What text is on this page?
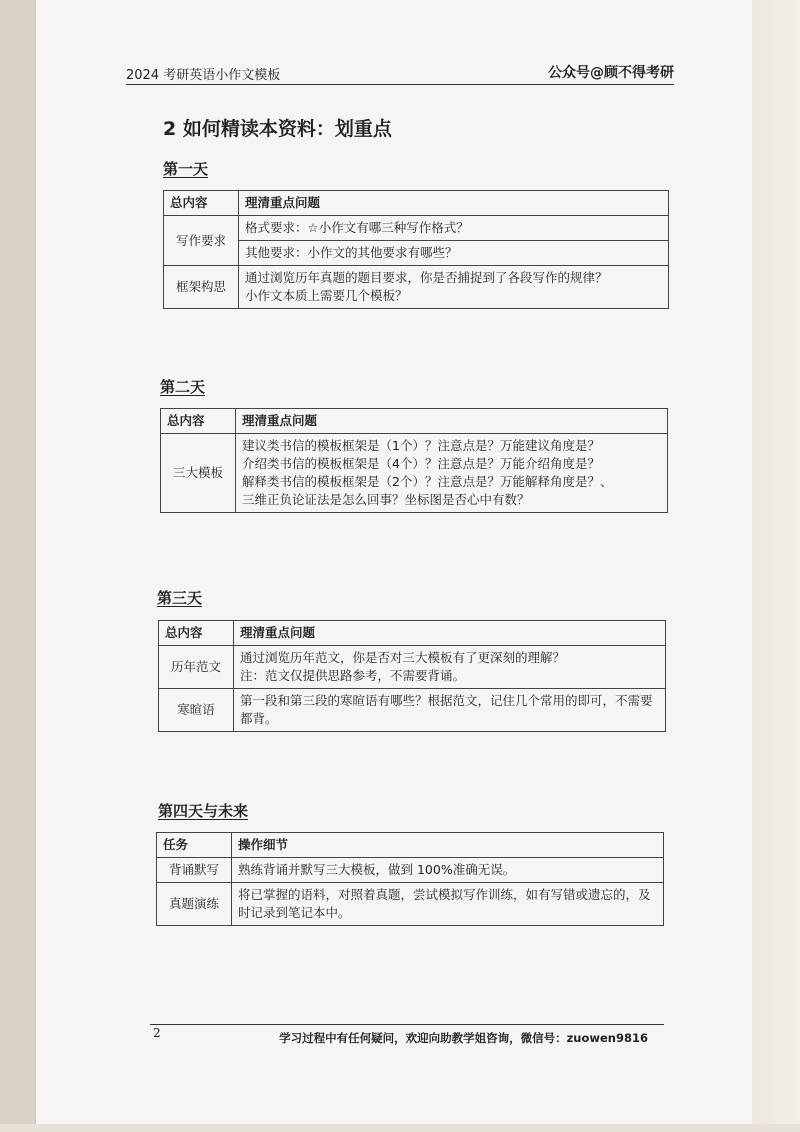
2024 考研英语小作文模板	公众号@顾不得考研
2 如何精读本资料：划重点
第一天
总内容	理清重点问题
写作要求	格式要求：☆小作文有哪三种写作格式？
	其他要求：小作文的其他要求有哪些？
框架构思	通过浏览历年真题的题目要求，你是否捕捉到了各段写作的规律？
小作文本质上需要几个模板？
第二天
总内容	理清重点问题
三大模板	建议类书信的模板框架是（1个）？注意点是？万能建议角度是？
介绍类书信的模板框架是（4个）？注意点是？万能介绍角度是？
解释类书信的模板框架是（2个）？注意点是？万能解释角度是？、
三维正负论证法是怎么回事？坐标图是否心中有数？
第三天
总内容	理清重点问题
历年范文	通过浏览历年范文，你是否对三大模板有了更深刻的理解？
注：范文仅提供思路参考，不需要背诵。

寒暄语	第一段和第三段的寒暄语有哪些？根据范文，记住几个常用的即可，不需要都背。
第四天与未来
任务	操作细节
背诵默写	熟练背诵并默写三大模板，做到 100%准确无误。
真题演练	将已掌握的语料，对照着真题，尝试模拟写作训练，如有写错或遗忘的，及时记录到笔记本中。
2	学习过程中有任何疑问，欢迎向助教学姐咨询，微信号：zuowen9816
